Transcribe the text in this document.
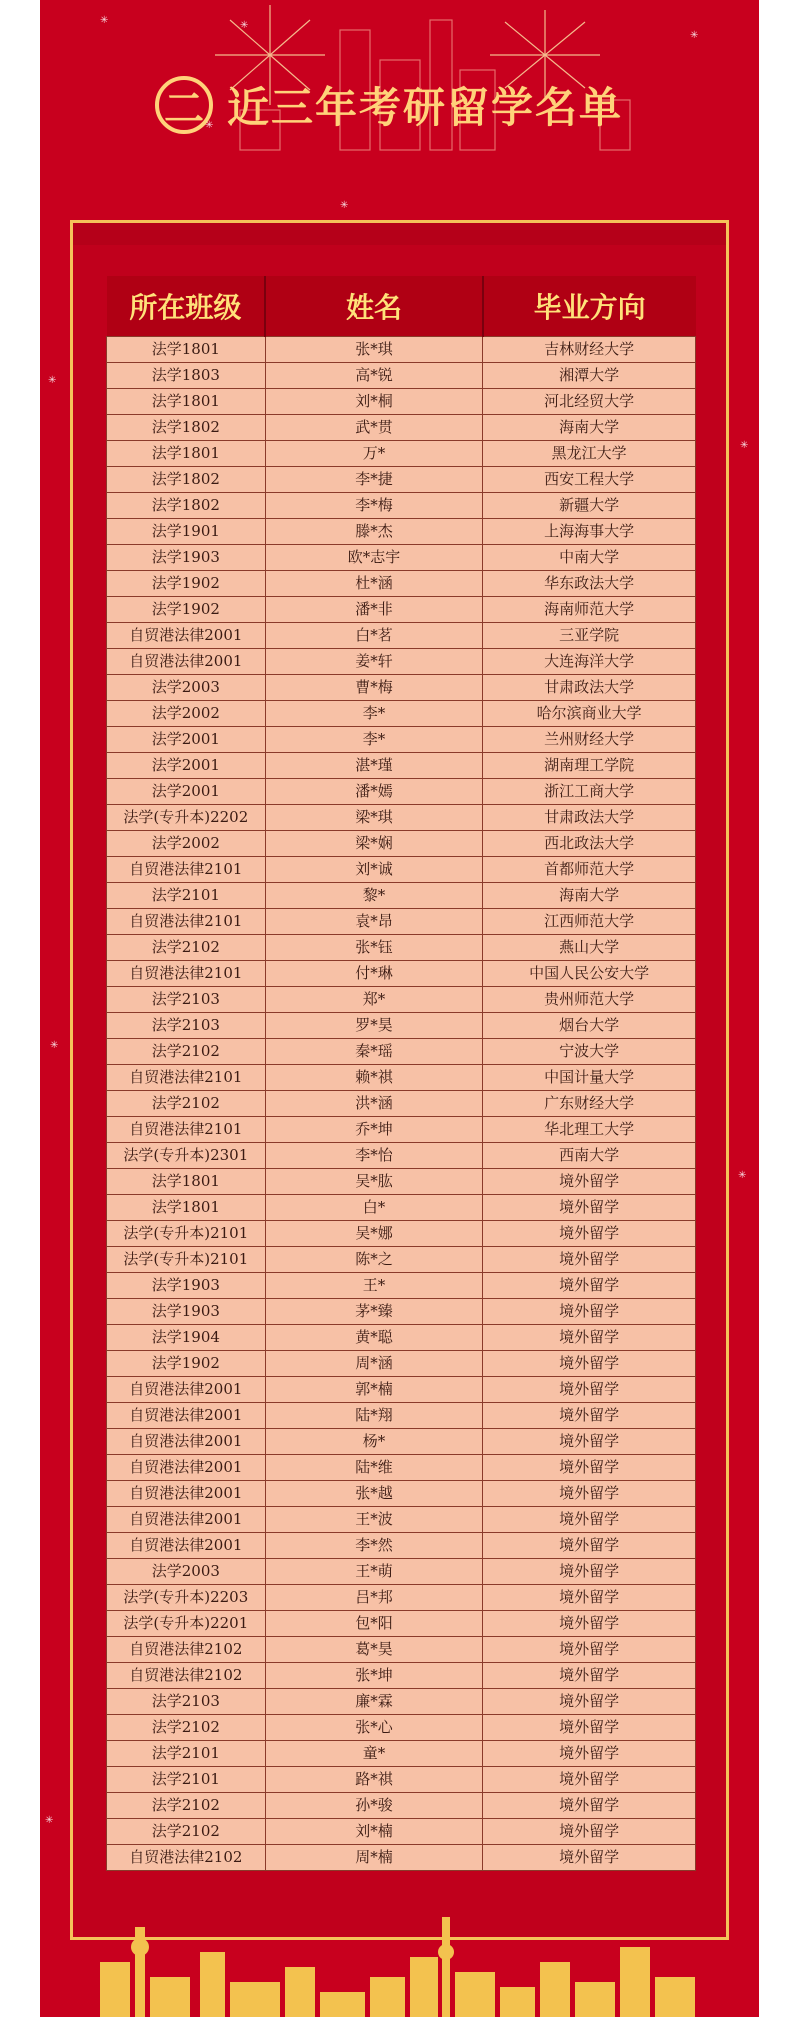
二 近三年考研留学名单
✳	✳
✳
✳
✳
✳
✳
✳
✳
✳
所在班级	姓名	毕业方向
法学1801	张*琪	吉林财经大学
法学1803	高*锐	湘潭大学
法学1801	刘*桐	河北经贸大学
法学1802	武*贯	海南大学
法学1801	万*	黑龙江大学
法学1802	李*捷	西安工程大学
法学1802	李*梅	新疆大学
法学1901	滕*杰	上海海事大学
法学1903	欧*志宇	中南大学
法学1902	杜*涵	华东政法大学
法学1902	潘*非	海南师范大学
自贸港法律2001	白*茗	三亚学院
自贸港法律2001	姜*轩	大连海洋大学
法学2003	曹*梅	甘肃政法大学
法学2002	李*	哈尔滨商业大学
法学2001	李*	兰州财经大学
法学2001	湛*瑾	湖南理工学院
法学2001	潘*嫣	浙江工商大学
法学(专升本)2202	梁*琪	甘肃政法大学
法学2002	梁*娴	西北政法大学
自贸港法律2101	刘*诚	首都师范大学
法学2101	黎*	海南大学
自贸港法律2101	袁*昂	江西师范大学
法学2102	张*钰	燕山大学
自贸港法律2101	付*琳	中国人民公安大学
法学2103	郑*	贵州师范大学
法学2103	罗*昊	烟台大学
法学2102	秦*瑶	宁波大学
自贸港法律2101	赖*祺	中国计量大学
法学2102	洪*涵	广东财经大学
自贸港法律2101	乔*坤	华北理工大学
法学(专升本)2301	李*怡	西南大学
法学1801	吴*肱	境外留学
法学1801	白*	境外留学
法学(专升本)2101	吴*娜	境外留学
法学(专升本)2101	陈*之	境外留学
法学1903	王*	境外留学
法学1903	茅*臻	境外留学
法学1904	黄*聪	境外留学
法学1902	周*涵	境外留学
自贸港法律2001	郭*楠	境外留学
自贸港法律2001	陆*翔	境外留学
自贸港法律2001	杨*	境外留学
自贸港法律2001	陆*维	境外留学
自贸港法律2001	张*越	境外留学
自贸港法律2001	王*波	境外留学
自贸港法律2001	李*然	境外留学
法学2003	王*萌	境外留学
法学(专升本)2203	吕*邦	境外留学
法学(专升本)2201	包*阳	境外留学
自贸港法律2102	葛*昊	境外留学
自贸港法律2102	张*坤	境外留学
法学2103	廉*霖	境外留学
法学2102	张*心	境外留学
法学2101	童*	境外留学
法学2101	路*祺	境外留学
法学2102	孙*骏	境外留学
法学2102	刘*楠	境外留学
自贸港法律2102	周*楠	境外留学
